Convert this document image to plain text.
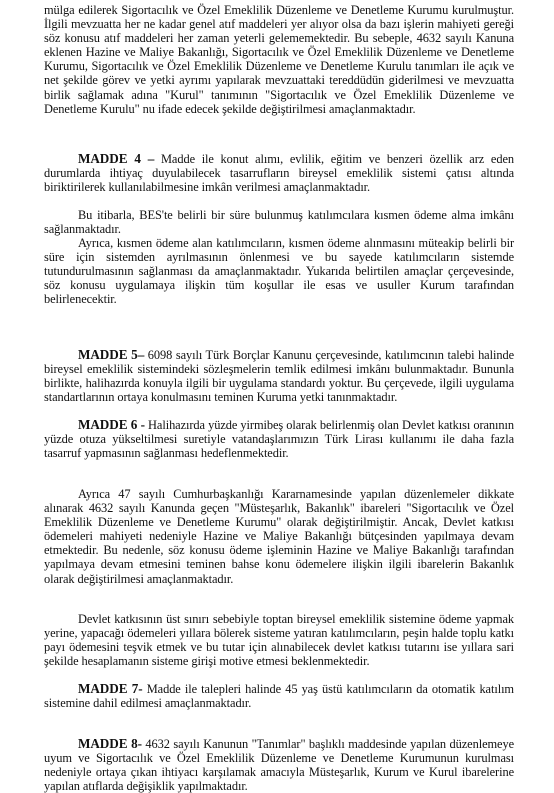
mülga edilerek Sigortacılık ve Özel Emeklilik Düzenleme ve Denetleme Kurumu kurulmuştur. İlgili mevzuatta her ne kadar genel atıf maddeleri yer alıyor olsa da bazı işlerin mahiyeti gereği söz konusu atıf maddeleri her zaman yeterli gelememektedir. Bu sebeple, 4632 sayılı Kanuna eklenen Hazine ve Maliye Bakanlığı, Sigortacılık ve Özel Emeklilik Düzenleme ve Denetleme Kurumu, Sigortacılık ve Özel Emeklilik Düzenleme ve Denetleme Kurulu tanımları ile açık ve net şekilde görev ve yetki ayrımı yapılarak mevzuattaki tereddüdün giderilmesi ve mevzuatta birlik sağlamak adına "Kurul" tanımının "Sigortacılık ve Özel Emeklilik Düzenleme ve Denetleme Kurulu" nu ifade edecek şekilde değiştirilmesi amaçlanmaktadır.

MADDE 4 – Madde ile konut alımı, evlilik, eğitim ve benzeri özellik arz eden durumlarda ihtiyaç duyulabilecek tasarrufların bireysel emeklilik sistemi çatısı altında biriktirilerek kullanılabilmesine imkân verilmesi amaçlanmaktadır.

Bu itibarla, BES'te belirli bir süre bulunmuş katılımcılara kısmen ödeme alma imkânı sağlanmaktadır.

Ayrıca, kısmen ödeme alan katılımcıların, kısmen ödeme alınmasını müteakip belirli bir süre için sistemden ayrılmasının önlenmesi ve bu sayede katılımcıların sistemde tutundurulmasının sağlanması da amaçlanmaktadır. Yukarıda belirtilen amaçlar çerçevesinde, söz konusu uygulamaya ilişkin tüm koşullar ile esas ve usuller Kurum tarafından belirlenecektir.

MADDE 5– 6098 sayılı Türk Borçlar Kanunu çerçevesinde, katılımcının talebi halinde bireysel emeklilik sistemindeki sözleşmelerin temlik edilmesi imkânı bulunmaktadır. Bununla birlikte, halihazırda konuyla ilgili bir uygulama standardı yoktur. Bu çerçevede, ilgili uygulama standartlarının ortaya konulmasını teminen Kuruma yetki tanınmaktadır.

MADDE 6 - Halihazırda yüzde yirmibeş olarak belirlenmiş olan Devlet katkısı oranının yüzde otuza yükseltilmesi suretiyle vatandaşlarımızın Türk Lirası kullanımı ile daha fazla tasarruf yapmasının sağlanması hedeflenmektedir.

Ayrıca 47 sayılı Cumhurbaşkanlığı Kararnamesinde yapılan düzenlemeler dikkate alınarak 4632 sayılı Kanunda geçen "Müsteşarlık, Bakanlık" ibareleri "Sigortacılık ve Özel Emeklilik Düzenleme ve Denetleme Kurumu" olarak değiştirilmiştir. Ancak, Devlet katkısı ödemeleri mahiyeti nedeniyle Hazine ve Maliye Bakanlığı bütçesinden yapılmaya devam etmektedir. Bu nedenle, söz konusu ödeme işleminin Hazine ve Maliye Bakanlığı tarafından yapılmaya devam etmesini teminen bahse konu ödemelere ilişkin ilgili ibarelerin Bakanlık olarak değiştirilmesi amaçlanmaktadır.

Devlet katkısının üst sınırı sebebiyle toptan bireysel emeklilik sistemine ödeme yapmak yerine, yapacağı ödemeleri yıllara bölerek sisteme yatıran katılımcıların, peşin halde toplu katkı payı ödemesini teşvik etmek ve bu tutar için alınabilecek devlet katkısı tutarını ise yıllara sari şekilde hesaplamanın sisteme girişi motive etmesi beklenmektedir.

MADDE 7- Madde ile talepleri halinde 45 yaş üstü katılımcıların da otomatik katılım sistemine dahil edilmesi amaçlanmaktadır.

MADDE 8- 4632 sayılı Kanunun "Tanımlar" başlıklı maddesinde yapılan düzenlemeye uyum ve Sigortacılık ve Özel Emeklilik Düzenleme ve Denetleme Kurumunun kurulması nedeniyle ortaya çıkan ihtiyacı karşılamak amacıyla Müsteşarlık, Kurum ve Kurul ibarelerine yapılan atıflarda değişiklik yapılmaktadır.
